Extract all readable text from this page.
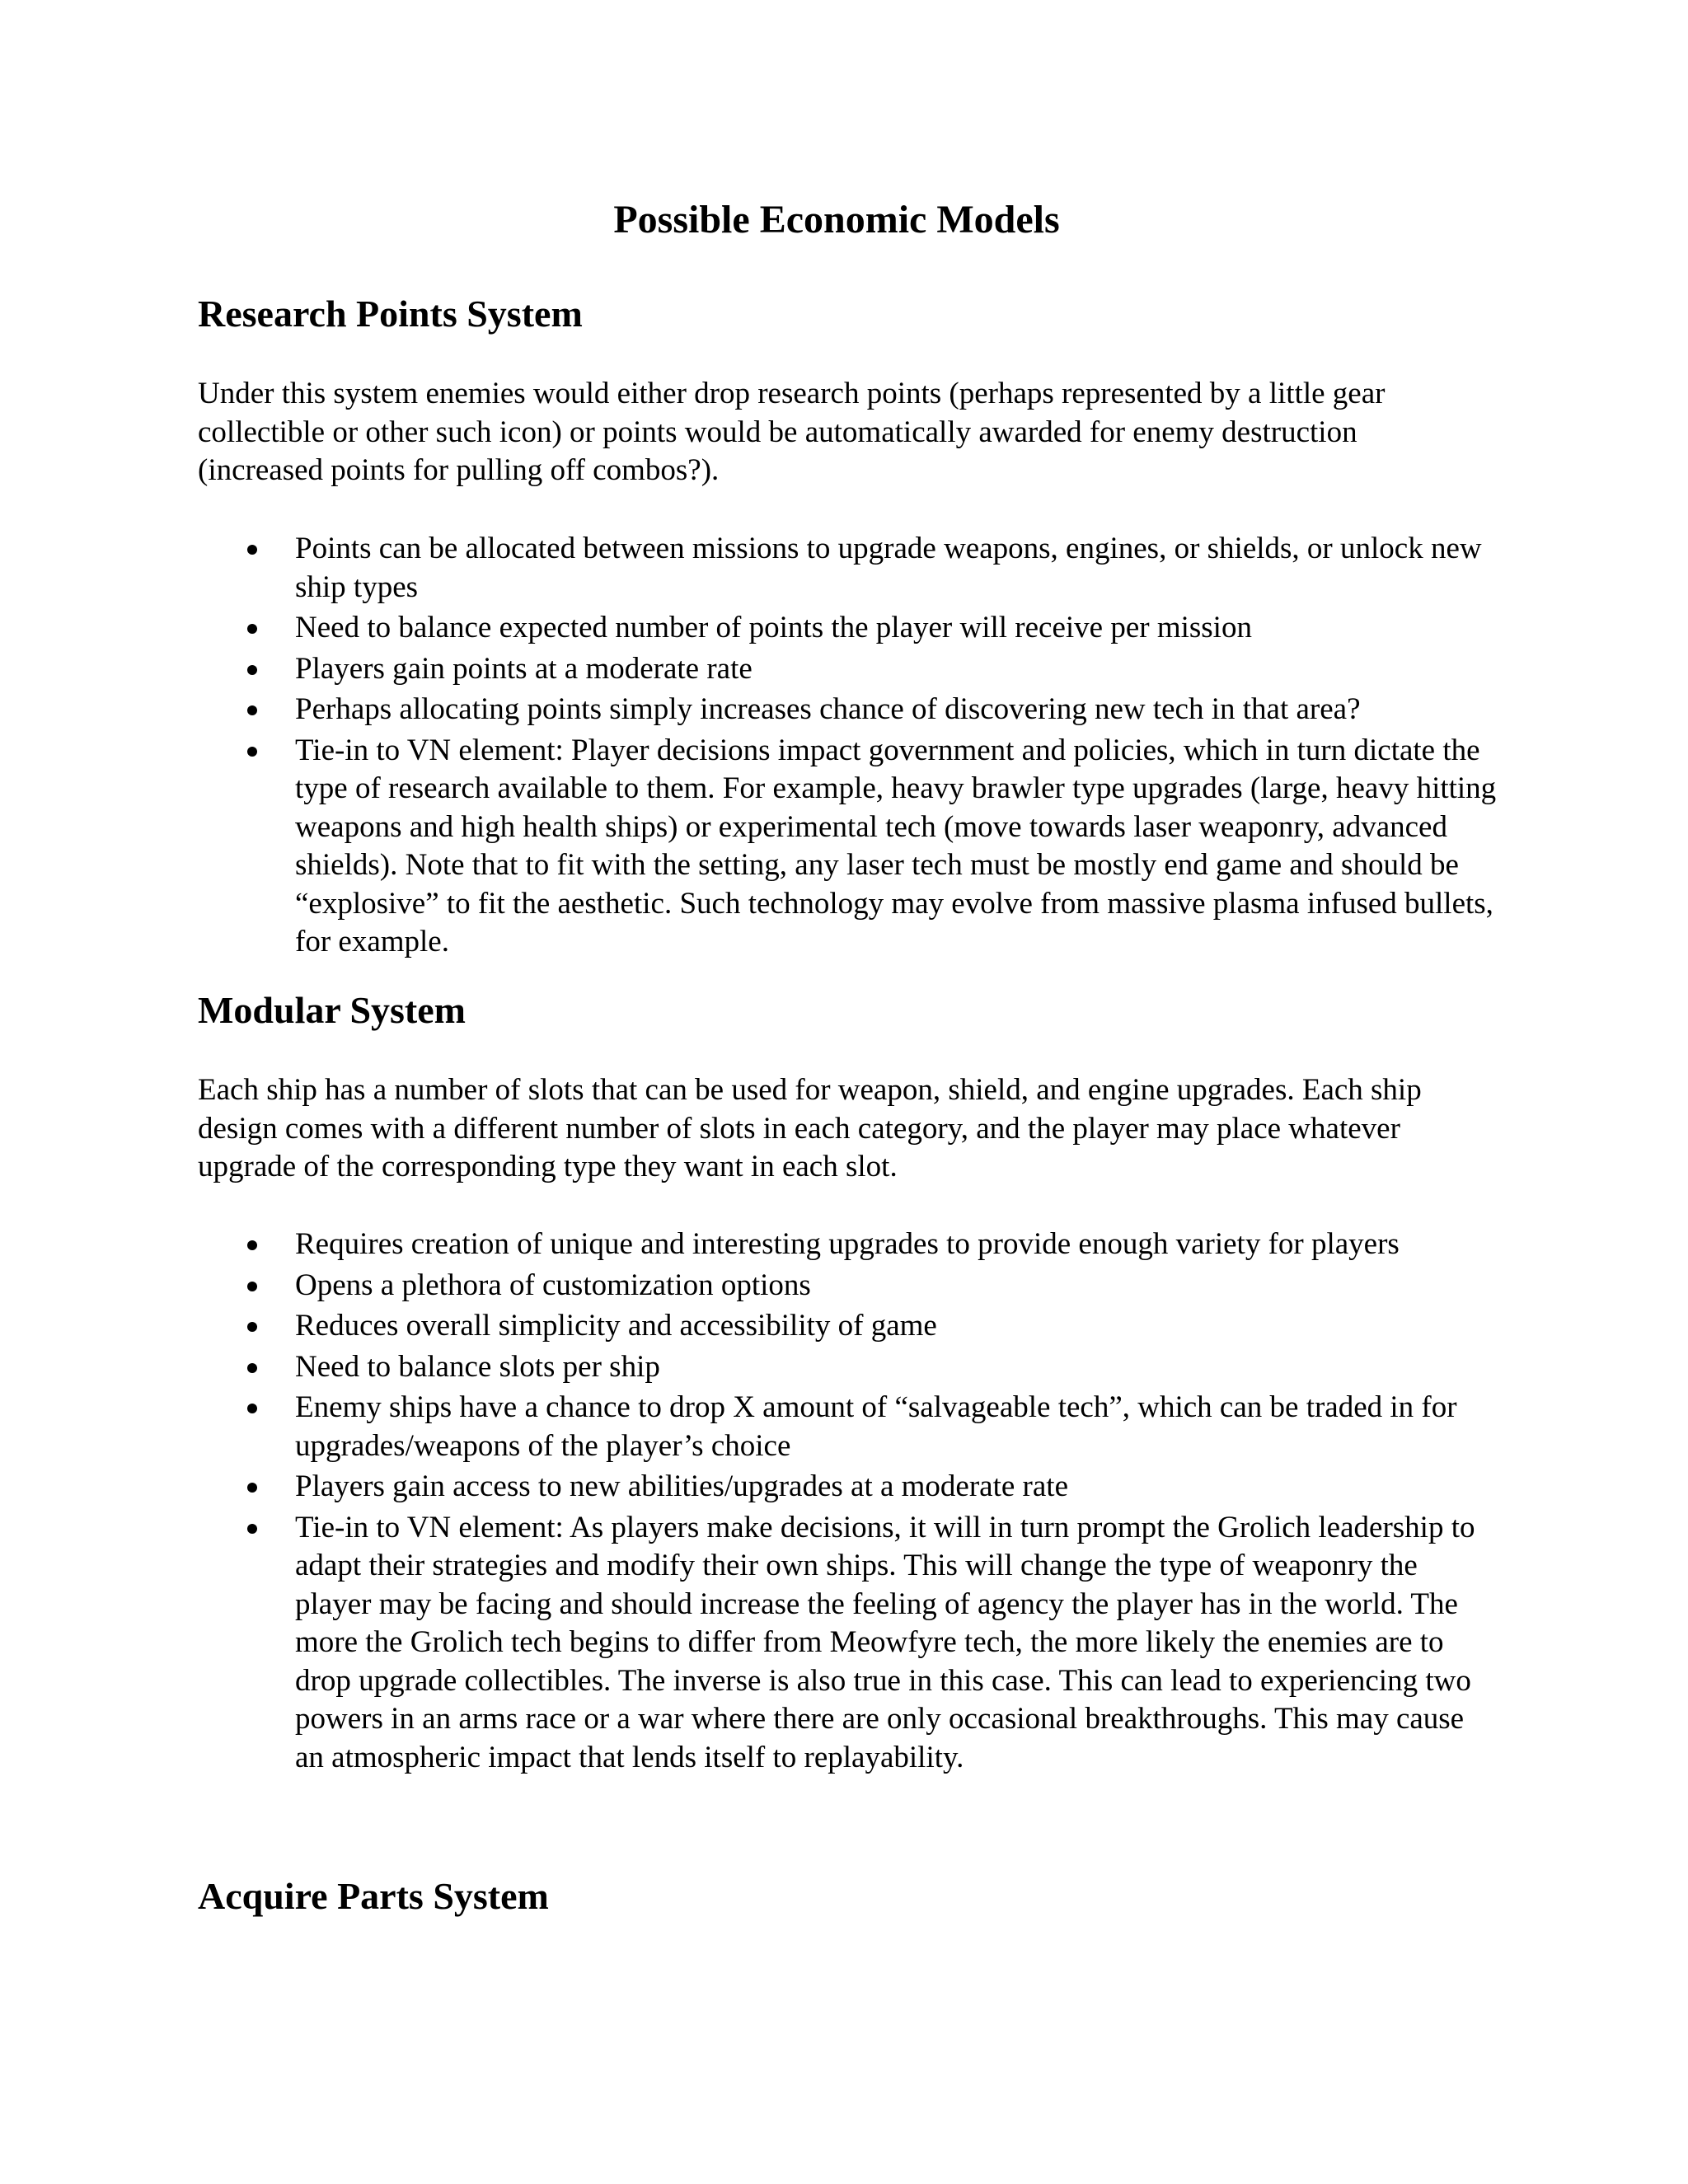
Possible Economic Models
Research Points System

Under this system enemies would either drop research points (perhaps represented by a little gear collectible or other such icon) or points would be automatically awarded for enemy destruction (increased points for pulling off combos?).

Points can be allocated between missions to upgrade weapons, engines, or shields, or unlock new ship types
Need to balance expected number of points the player will receive per mission
Players gain points at a moderate rate
Perhaps allocating points simply increases chance of discovering new tech in that area?
Tie-in to VN element: Player decisions impact government and policies, which in turn dictate the type of research available to them. For example, heavy brawler type upgrades (large, heavy hitting weapons and high health ships) or experimental tech (move towards laser weaponry, advanced shields). Note that to fit with the setting, any laser tech must be mostly end game and should be “explosive” to fit the aesthetic. Such technology may evolve from massive plasma infused bullets, for example.
Modular System

Each ship has a number of slots that can be used for weapon, shield, and engine upgrades. Each ship design comes with a different number of slots in each category, and the player may place whatever upgrade of the corresponding type they want in each slot.

Requires creation of unique and interesting upgrades to provide enough variety for players
Opens a plethora of customization options
Reduces overall simplicity and accessibility of game
Need to balance slots per ship
Enemy ships have a chance to drop X amount of “salvageable tech”, which can be traded in for upgrades/weapons of the player’s choice
Players gain access to new abilities/upgrades at a moderate rate
Tie-in to VN element: As players make decisions, it will in turn prompt the Grolich leadership to adapt their strategies and modify their own ships. This will change the type of weaponry the player may be facing and should increase the feeling of agency the player has in the world. The more the Grolich tech begins to differ from Meowfyre tech, the more likely the enemies are to drop upgrade collectibles. The inverse is also true in this case. This can lead to experiencing two powers in an arms race or a war where there are only occasional breakthroughs. This may cause an atmospheric impact that lends itself to replayability.
Acquire Parts System
